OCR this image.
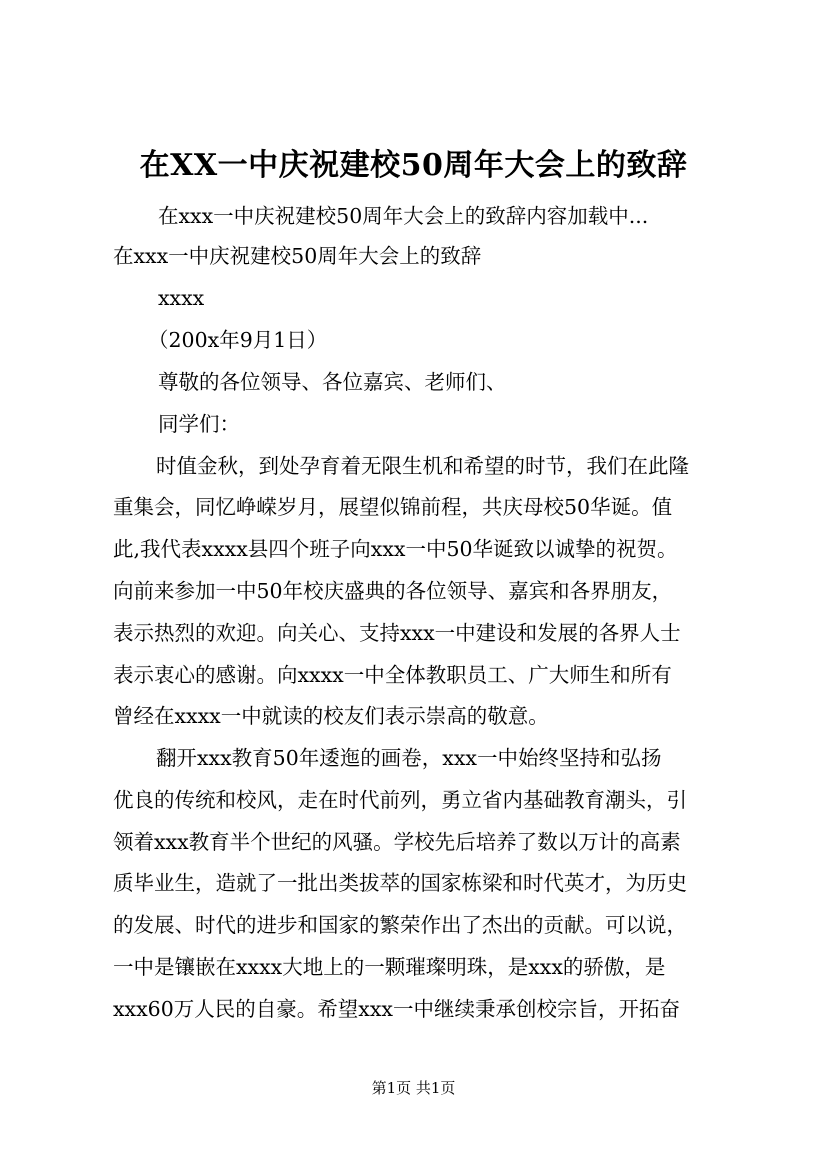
在XX一中庆祝建校50周年大会上的致辞
在xxx一中庆祝建校50周年大会上的致辞内容加载中...
在xxx一中庆祝建校50周年大会上的致辞
xxxx
（200x年9月1日）
尊敬的各位领导、各位嘉宾、老师们、
同学们：
时值金秋，到处孕育着无限生机和希望的时节，我们在此隆
重集会，同忆峥嵘岁月，展望似锦前程，共庆母校50华诞。值
此,我代表xxxx县四个班子向xxx一中50华诞致以诚挚的祝贺。
向前来参加一中50年校庆盛典的各位领导、嘉宾和各界朋友，
表示热烈的欢迎。向关心、支持xxx一中建设和发展的各界人士
表示衷心的感谢。向xxxx一中全体教职员工、广大师生和所有
曾经在xxxx一中就读的校友们表示崇高的敬意。
翻开xxx教育50年逶迤的画卷，xxx一中始终坚持和弘扬
优良的传统和校风，走在时代前列，勇立省内基础教育潮头，引
领着xxx教育半个世纪的风骚。学校先后培养了数以万计的高素
质毕业生，造就了一批出类拔萃的国家栋梁和时代英才，为历史
的发展、时代的进步和国家的繁荣作出了杰出的贡献。可以说，
一中是镶嵌在xxxx大地上的一颗璀璨明珠，是xxx的骄傲，是
xxx60万人民的自豪。希望xxx一中继续秉承创校宗旨，开拓奋
第1页 共1页
